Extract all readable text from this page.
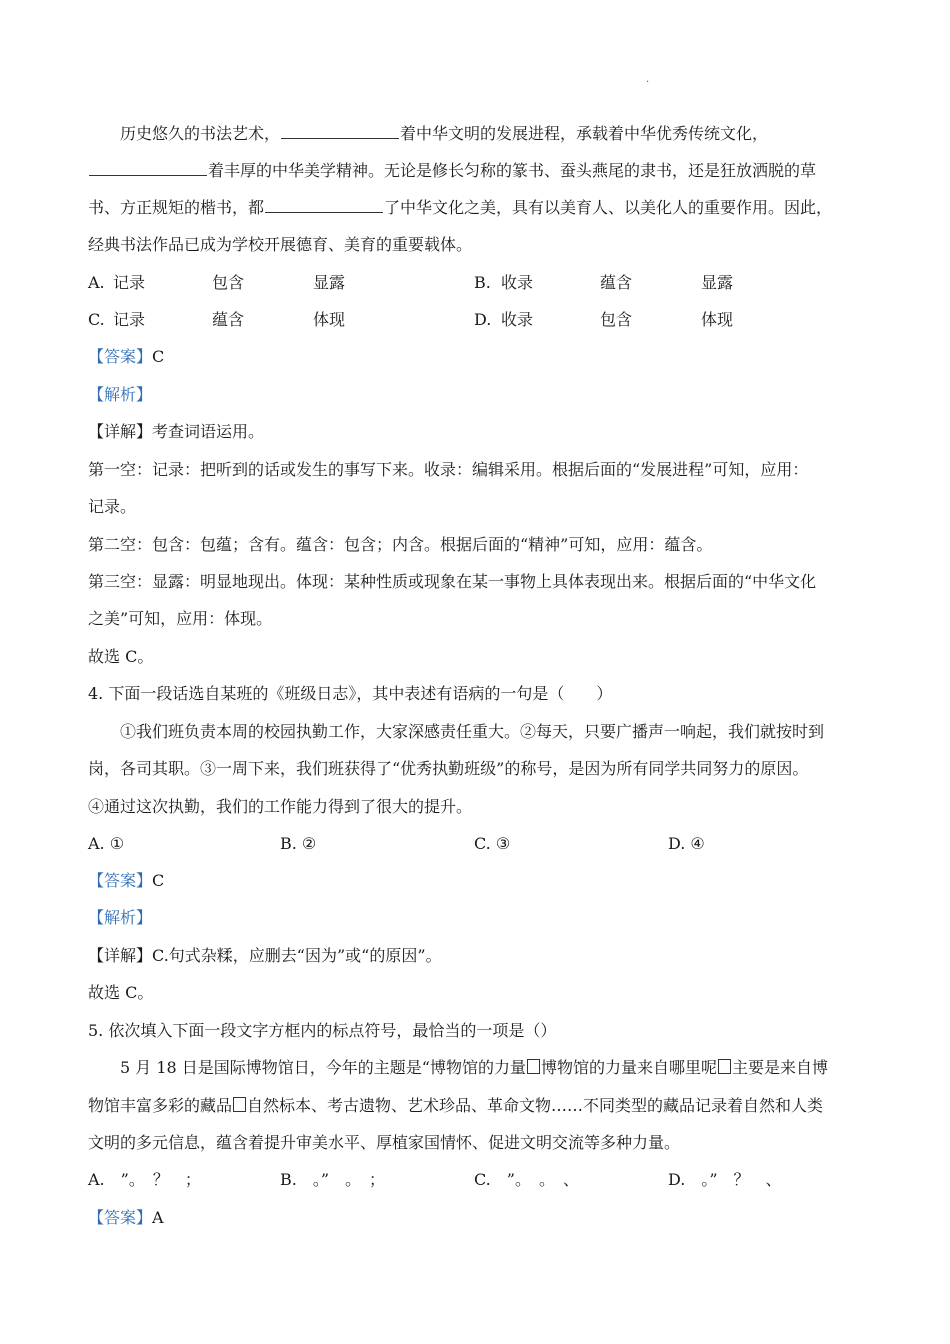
.
历史悠久的书法艺术，	着中华文明的发展进程，承载着中华优秀传统文化，
着丰厚的中华美学精神。无论是修长匀称的篆书、蚕头燕尾的隶书，还是狂放洒脱的草
书、方正规矩的楷书，都	了中华文化之美，具有以美育人、以美化人的重要作用。因此，
经典书法作品已成为学校开展德育、美育的重要载体。
A. 记录	包含	显露	B. 收录	蕴含	显露
C. 记录	蕴含	体现	D. 收录	包含	体现
【答案】C
【解析】
【详解】考查词语运用。
第一空：记录：把听到的话或发生的事写下来。收录：编辑采用。根据后面的“发展进程”可知，应用：
记录。
第二空：包含：包蕴；含有。蕴含：包含；内含。根据后面的“精神”可知，应用：蕴含。
第三空：显露：明显地现出。体现：某种性质或现象在某一事物上具体表现出来。根据后面的“中华文化
之美”可知，应用：体现。
故选 C。
4. 下面一段话选自某班的《班级日志》，其中表述有语病的一句是（　　）
①我们班负责本周的校园执勤工作，大家深感责任重大。②每天，只要广播声一响起，我们就按时到
岗，各司其职。③一周下来，我们班获得了“优秀执勤班级”的称号，是因为所有同学共同努力的原因。
④通过这次执勤，我们的工作能力得到了很大的提升。
A. ①	B. ②	C. ③	D. ④
【答案】C
【解析】
【详解】C.句式杂糅，应删去“因为”或“的原因”。
故选 C。
5. 依次填入下面一段文字方框内的标点符号，最恰当的一项是（）
5 月 18 日是国际博物馆日，今年的主题是“博物馆的力量 博物馆的力量来自哪里呢 主要是来自博
物馆丰富多彩的藏品 自然标本、考古遗物、艺术珍品、革命文物……不同类型的藏品记录着自然和人类
文明的多元信息，蕴含着提升审美水平、厚植家国情怀、促进文明交流等多种力量。
A.　”。　？　；	B.　。”　。　；	C.　”。　。　、	D.　。”　？　、
【答案】A
